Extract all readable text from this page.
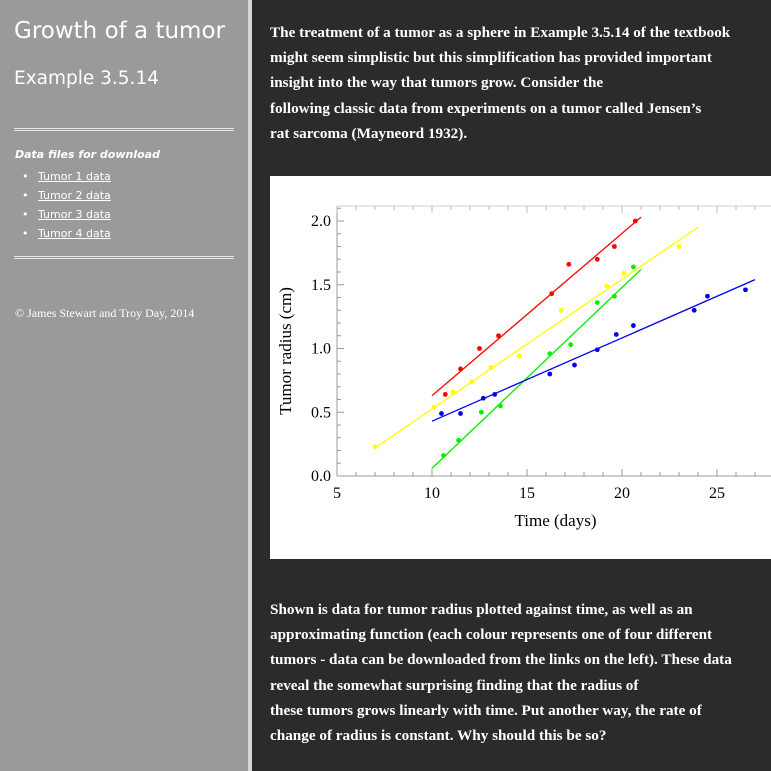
Growth of a tumor
Example 3.5.14
Data files for download
• Tumor 1 data
• Tumor 2 data
• Tumor 3 data
• Tumor 4 data
© James Stewart and Troy Day, 2014

The treatment of a tumor as a sphere in Example 3.5.14 of the textbook
might seem simplistic but this simplification has provided important
insight into the way that tumors grow. Consider the
following classic data from experiments on a tumor called Jensen’s
rat sarcoma (Mayneord 1932).

5	10	15	20	25
0.0
0.5
1.0
1.5
2.0
Time (days)
Tumor radius (cm)

Shown is data for tumor radius plotted against time, as well as an
approximating function (each colour represents one of four different
tumors - data can be downloaded from the links on the left). These data
reveal the somewhat surprising finding that the radius of
these tumors grows linearly with time. Put another way, the rate of
change of radius is constant. Why should this be so?
